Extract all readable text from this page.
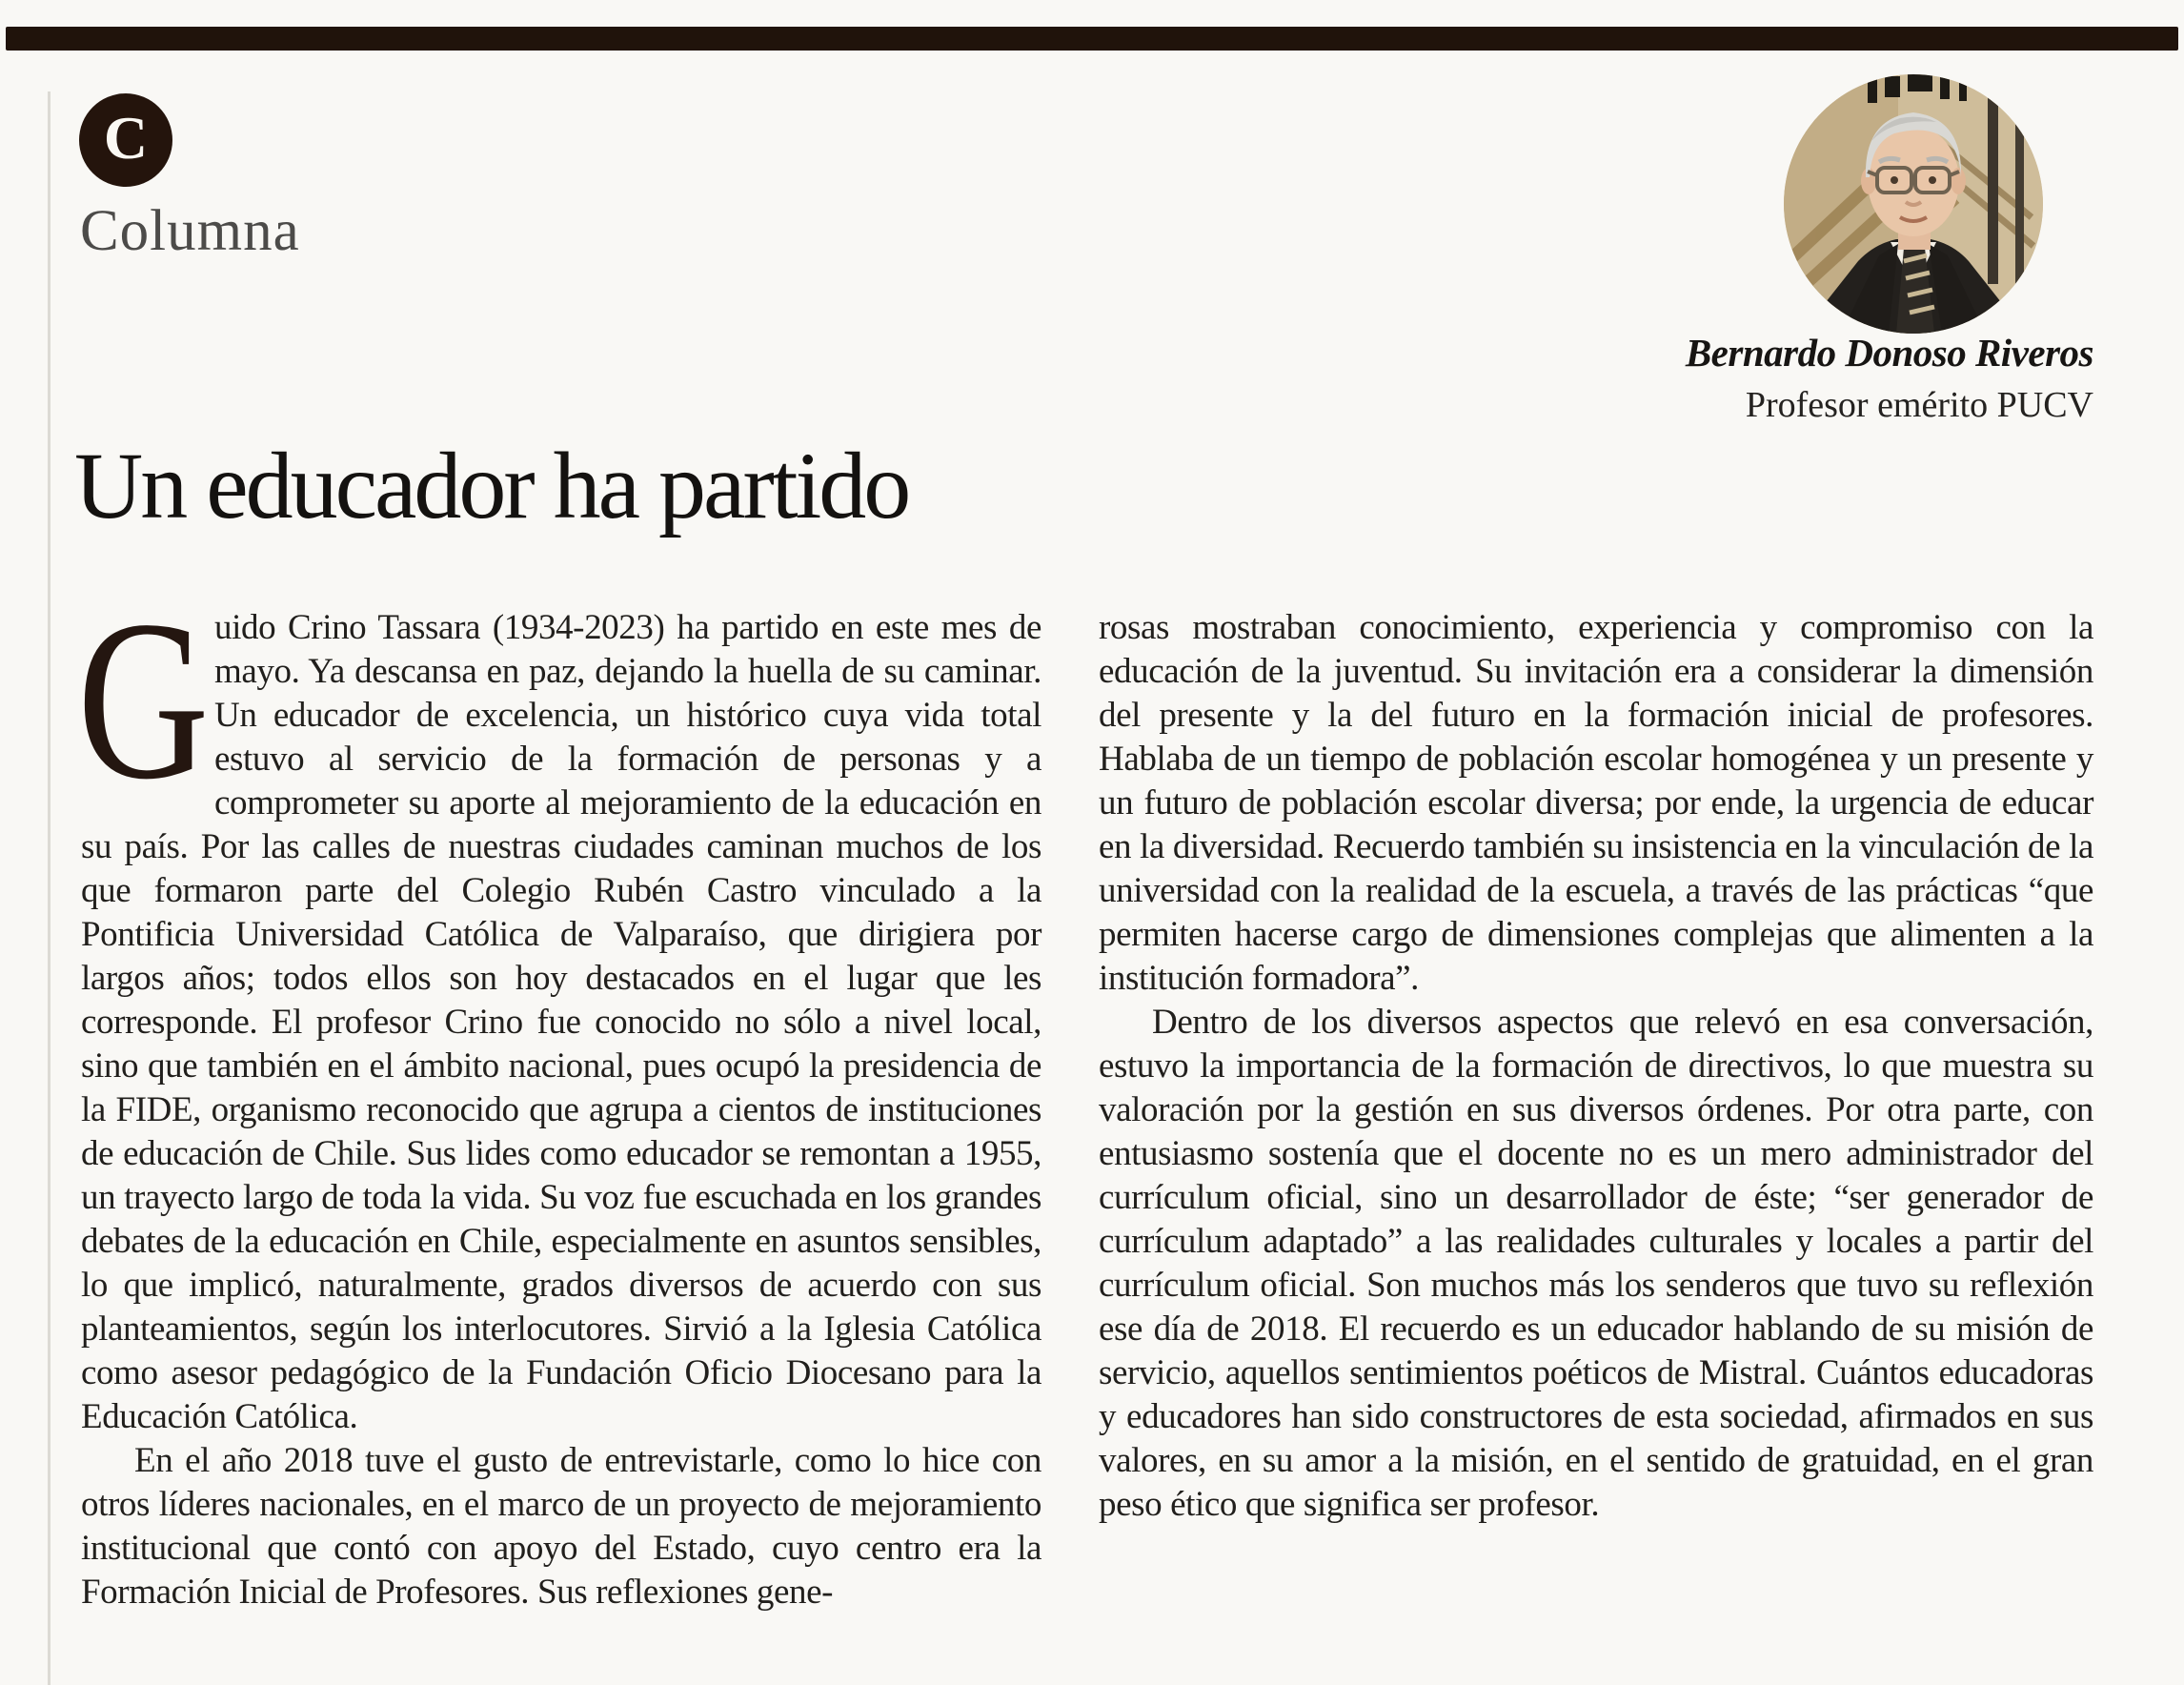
C
Columna
Bernardo Donoso Riveros
Profesor emérito PUCV
Un educador ha partido

Guido Crino Tassara (1934-2023) ha partido en este mes de mayo. Ya descansa en paz, dejando la huella de su caminar. Un educador de excelencia, un histórico cuya vida total estuvo al servicio de la formación de personas y a comprometer su aporte al mejoramiento de la educación en su país. Por las calles de nuestras ciudades caminan muchos de los que formaron parte del Colegio Rubén Castro vinculado a la Pontificia Universidad Católica de Valparaíso, que dirigiera por largos años; todos ellos son hoy destacados en el lugar que les corresponde. El profesor Crino fue conocido no sólo a nivel local, sino que también en el ámbito nacional, pues ocupó la presidencia de la FIDE, organismo reconocido que agrupa a cientos de instituciones de educación de Chile. Sus lides como educador se remontan a 1955, un trayecto largo de toda la vida. Su voz fue escuchada en los grandes debates de la educación en Chile, especialmente en asuntos sensibles, lo que implicó, naturalmente, grados diversos de acuerdo con sus planteamientos, según los interlocutores. Sirvió a la Iglesia Católica como asesor pedagógico de la Fundación Oficio Diocesano para la Educación Católica.

En el año 2018 tuve el gusto de entrevistarle, como lo hice con otros líderes nacionales, en el marco de un proyecto de mejoramiento institucional que contó con apoyo del Estado, cuyo centro era la Formación Inicial de Profesores. Sus reflexiones gene-

rosas mostraban conocimiento, experiencia y compromiso con la educación de la juventud. Su invitación era a considerar la dimensión del presente y la del futuro en la formación inicial de profesores. Hablaba de un tiempo de población escolar homogénea y un presente y un futuro de población escolar diversa; por ende, la urgencia de educar en la diversidad. Recuerdo también su insistencia en la vinculación de la universidad con la realidad de la escuela, a través de las prácticas “que permiten hacerse cargo de dimensiones complejas que alimenten a la institución formadora”.

Dentro de los diversos aspectos que relevó en esa conversación, estuvo la importancia de la formación de directivos, lo que muestra su valoración por la gestión en sus diversos órdenes. Por otra parte, con entusiasmo sostenía que el docente no es un mero administrador del currículum oficial, sino un desarrollador de éste; “ser generador de currículum adaptado” a las realidades culturales y locales a partir del currículum oficial. Son muchos más los senderos que tuvo su reflexión ese día de 2018. El recuerdo es un educador hablando de su misión de servicio, aquellos sentimientos poéticos de Mistral. Cuántos educadoras y educadores han sido constructores de esta sociedad, afirmados en sus valores, en su amor a la misión, en el sentido de gratuidad, en el gran peso ético que significa ser profesor.
